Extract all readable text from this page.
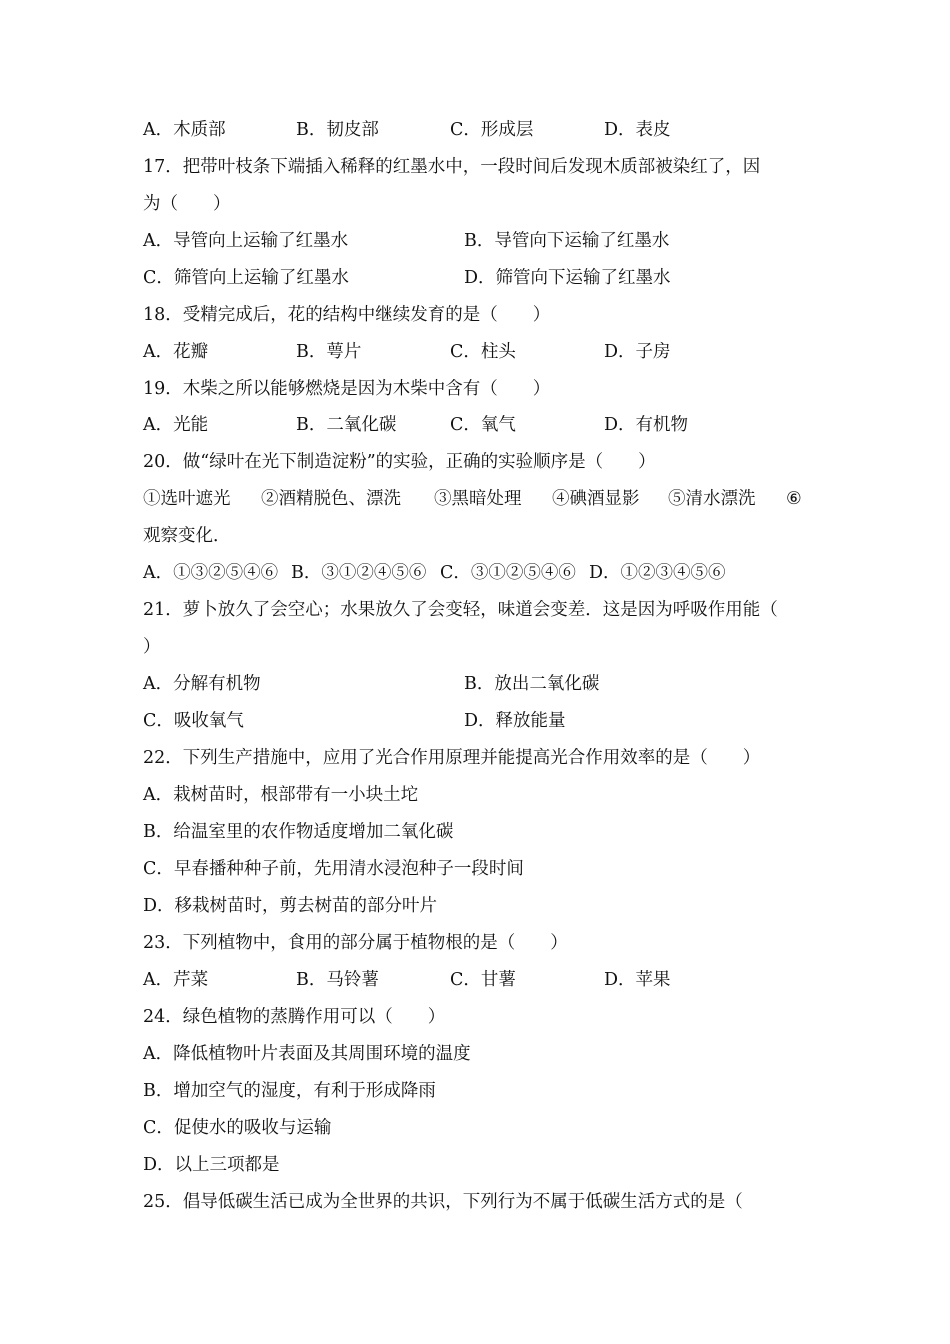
A．木质部	B．韧皮部	C．形成层	D．表皮
17．把带叶枝条下端插入稀释的红墨水中，一段时间后发现木质部被染红了，因
为（　　）
A．导管向上运输了红墨水	B．导管向下运输了红墨水
C．筛管向上运输了红墨水	D．筛管向下运输了红墨水
18．受精完成后，花的结构中继续发育的是（　　）
A．花瓣	B．萼片	C．柱头	D．子房
19．木柴之所以能够燃烧是因为木柴中含有（　　）
A．光能	B．二氧化碳	C．氧气	D．有机物
20．做“绿叶在光下制造淀粉”的实验，正确的实验顺序是（　　）
①选叶遮光 ②酒精脱色、漂洗 ③黑暗处理 ④碘酒显影 ⑤清水漂洗 ⑥
观察变化．
A．①③②⑤④⑥ B．③①②④⑤⑥ C．③①②⑤④⑥ D．①②③④⑤⑥
21．萝卜放久了会空心；水果放久了会变轻，味道会变差．这是因为呼吸作用能（
）
A．分解有机物	B．放出二氧化碳
C．吸收氧气	D．释放能量
22．下列生产措施中，应用了光合作用原理并能提高光合作用效率的是（　　）
A．栽树苗时，根部带有一小块土坨
B．给温室里的农作物适度增加二氧化碳
C．早春播种种子前，先用清水浸泡种子一段时间
D．移栽树苗时，剪去树苗的部分叶片
23．下列植物中，食用的部分属于植物根的是（　　）
A．芹菜	B．马铃薯	C．甘薯	D．苹果
24．绿色植物的蒸腾作用可以（　　）
A．降低植物叶片表面及其周围环境的温度
B．增加空气的湿度，有利于形成降雨
C．促使水的吸收与运输
D．以上三项都是
25．倡导低碳生活已成为全世界的共识，下列行为不属于低碳生活方式的是（
